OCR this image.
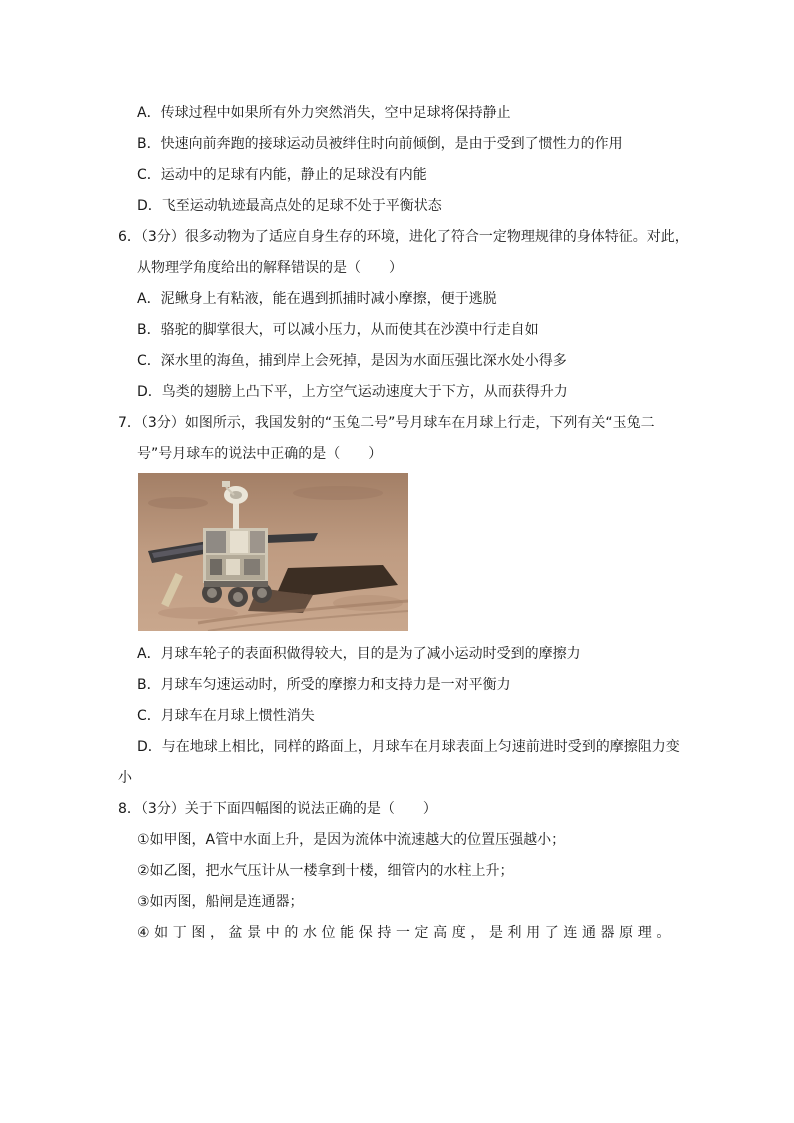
A．传球过程中如果所有外力突然消失，空中足球将保持静止
B．快速向前奔跑的接球运动员被绊住时向前倾倒，是由于受到了惯性力的作用
C．运动中的足球有内能，静止的足球没有内能
D．飞至运动轨迹最高点处的足球不处于平衡状态
6．（3分）很多动物为了适应自身生存的环境，进化了符合一定物理规律的身体特征。对此，
从物理学角度给出的解释错误的是（　　）
A．泥鳅身上有粘液，能在遇到抓捕时减小摩擦，便于逃脱
B．骆驼的脚掌很大，可以减小压力，从而使其在沙漠中行走自如
C．深水里的海鱼，捕到岸上会死掉，是因为水面压强比深水处小得多
D．鸟类的翅膀上凸下平，上方空气运动速度大于下方，从而获得升力
7．（3分）如图所示，我国发射的“玉兔二号”号月球车在月球上行走，下列有关“玉兔二
号”号月球车的说法中正确的是（　　）
A．月球车轮子的表面积做得较大，目的是为了减小运动时受到的摩擦力
B．月球车匀速运动时，所受的摩擦力和支持力是一对平衡力
C．月球车在月球上惯性消失
D．与在地球上相比，同样的路面上，月球车在月球表面上匀速前进时受到的摩擦阻力变
小
8．（3分）关于下面四幅图的说法正确的是（　　）
①如甲图，A管中水面上升，是因为流体中流速越大的位置压强越小；
②如乙图，把水气压计从一楼拿到十楼，细管内的水柱上升；
③如丙图，船闸是连通器；
④如丁图，盆景中的水位能保持一定高度，是利用了连通器原理。
